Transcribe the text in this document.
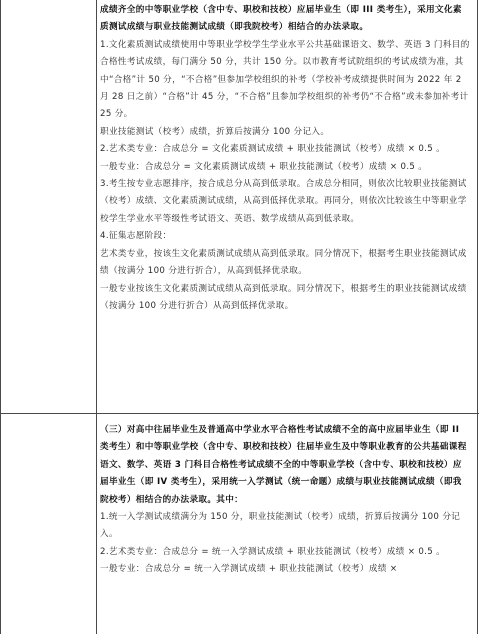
成绩齐全的中等职业学校（含中专、职校和技校）应届毕业生（即 III 类考生），采用文化素质测试成绩与职业技能测试成绩（即我院校考）相结合的办法录取。

1.文化素质测试成绩使用中等职业学校学生学业水平公共基础课语文、数学、英语 3 门科目的合格性考试成绩，每门满分 50 分，共计 150 分。以市教育考试院组织的考试成绩为准，其中“合格”计 50 分，“不合格”但参加学校组织的补考（学校补考成绩提供时间为 2022 年 2 月 28 日之前）“合格”计 45 分，“不合格”且参加学校组织的补考仍“不合格”或未参加补考计 25 分。

职业技能测试（校考）成绩，折算后按满分 100 分记入。

2.艺术类专业：合成总分 = 文化素质测试成绩 + 职业技能测试（校考）成绩 × 0.5 。

一般专业：合成总分 = 文化素质测试成绩 + 职业技能测试（校考）成绩 × 0.5 。

3.考生按专业志愿排序，按合成总分从高到低录取。合成总分相同，则依次比较职业技能测试（校考）成绩、文化素质测试成绩，从高到低择优录取。再同分，则依次比较该生中等职业学校学生学业水平等级性考试语文、英语、数学成绩从高到低录取。

4.征集志愿阶段：

艺术类专业，按该生文化素质测试成绩从高到低录取。同分情况下，根据考生职业技能测试成绩（按满分 100 分进行折合），从高到低择优录取。

一般专业按该生文化素质测试成绩从高到低录取。同分情况下，根据考生的职业技能测试成绩（按满分 100 分进行折合）从高到低择优录取。

（三）对高中往届毕业生及普通高中学业水平合格性考试成绩不全的高中应届毕业生（即 II 类考生）和中等职业学校（含中专、职校和技校）往届毕业生及中等职业教育的公共基础课程语文、数学、英语 3 门科目合格性考试成绩不全的中等职业学校（含中专、职校和技校）应届毕业生（即 IV 类考生），采用统一入学测试（统一命题）成绩与职业技能测试成绩（即我院校考）相结合的办法录取。其中：

1.统一入学测试成绩满分为 150 分，职业技能测试（校考）成绩，折算后按满分 100 分记入。

2.艺术类专业：合成总分 = 统一入学测试成绩 + 职业技能测试（校考）成绩 × 0.5 。

一般专业：合成总分 = 统一入学测试成绩 + 职业技能测试（校考）成绩 ×
